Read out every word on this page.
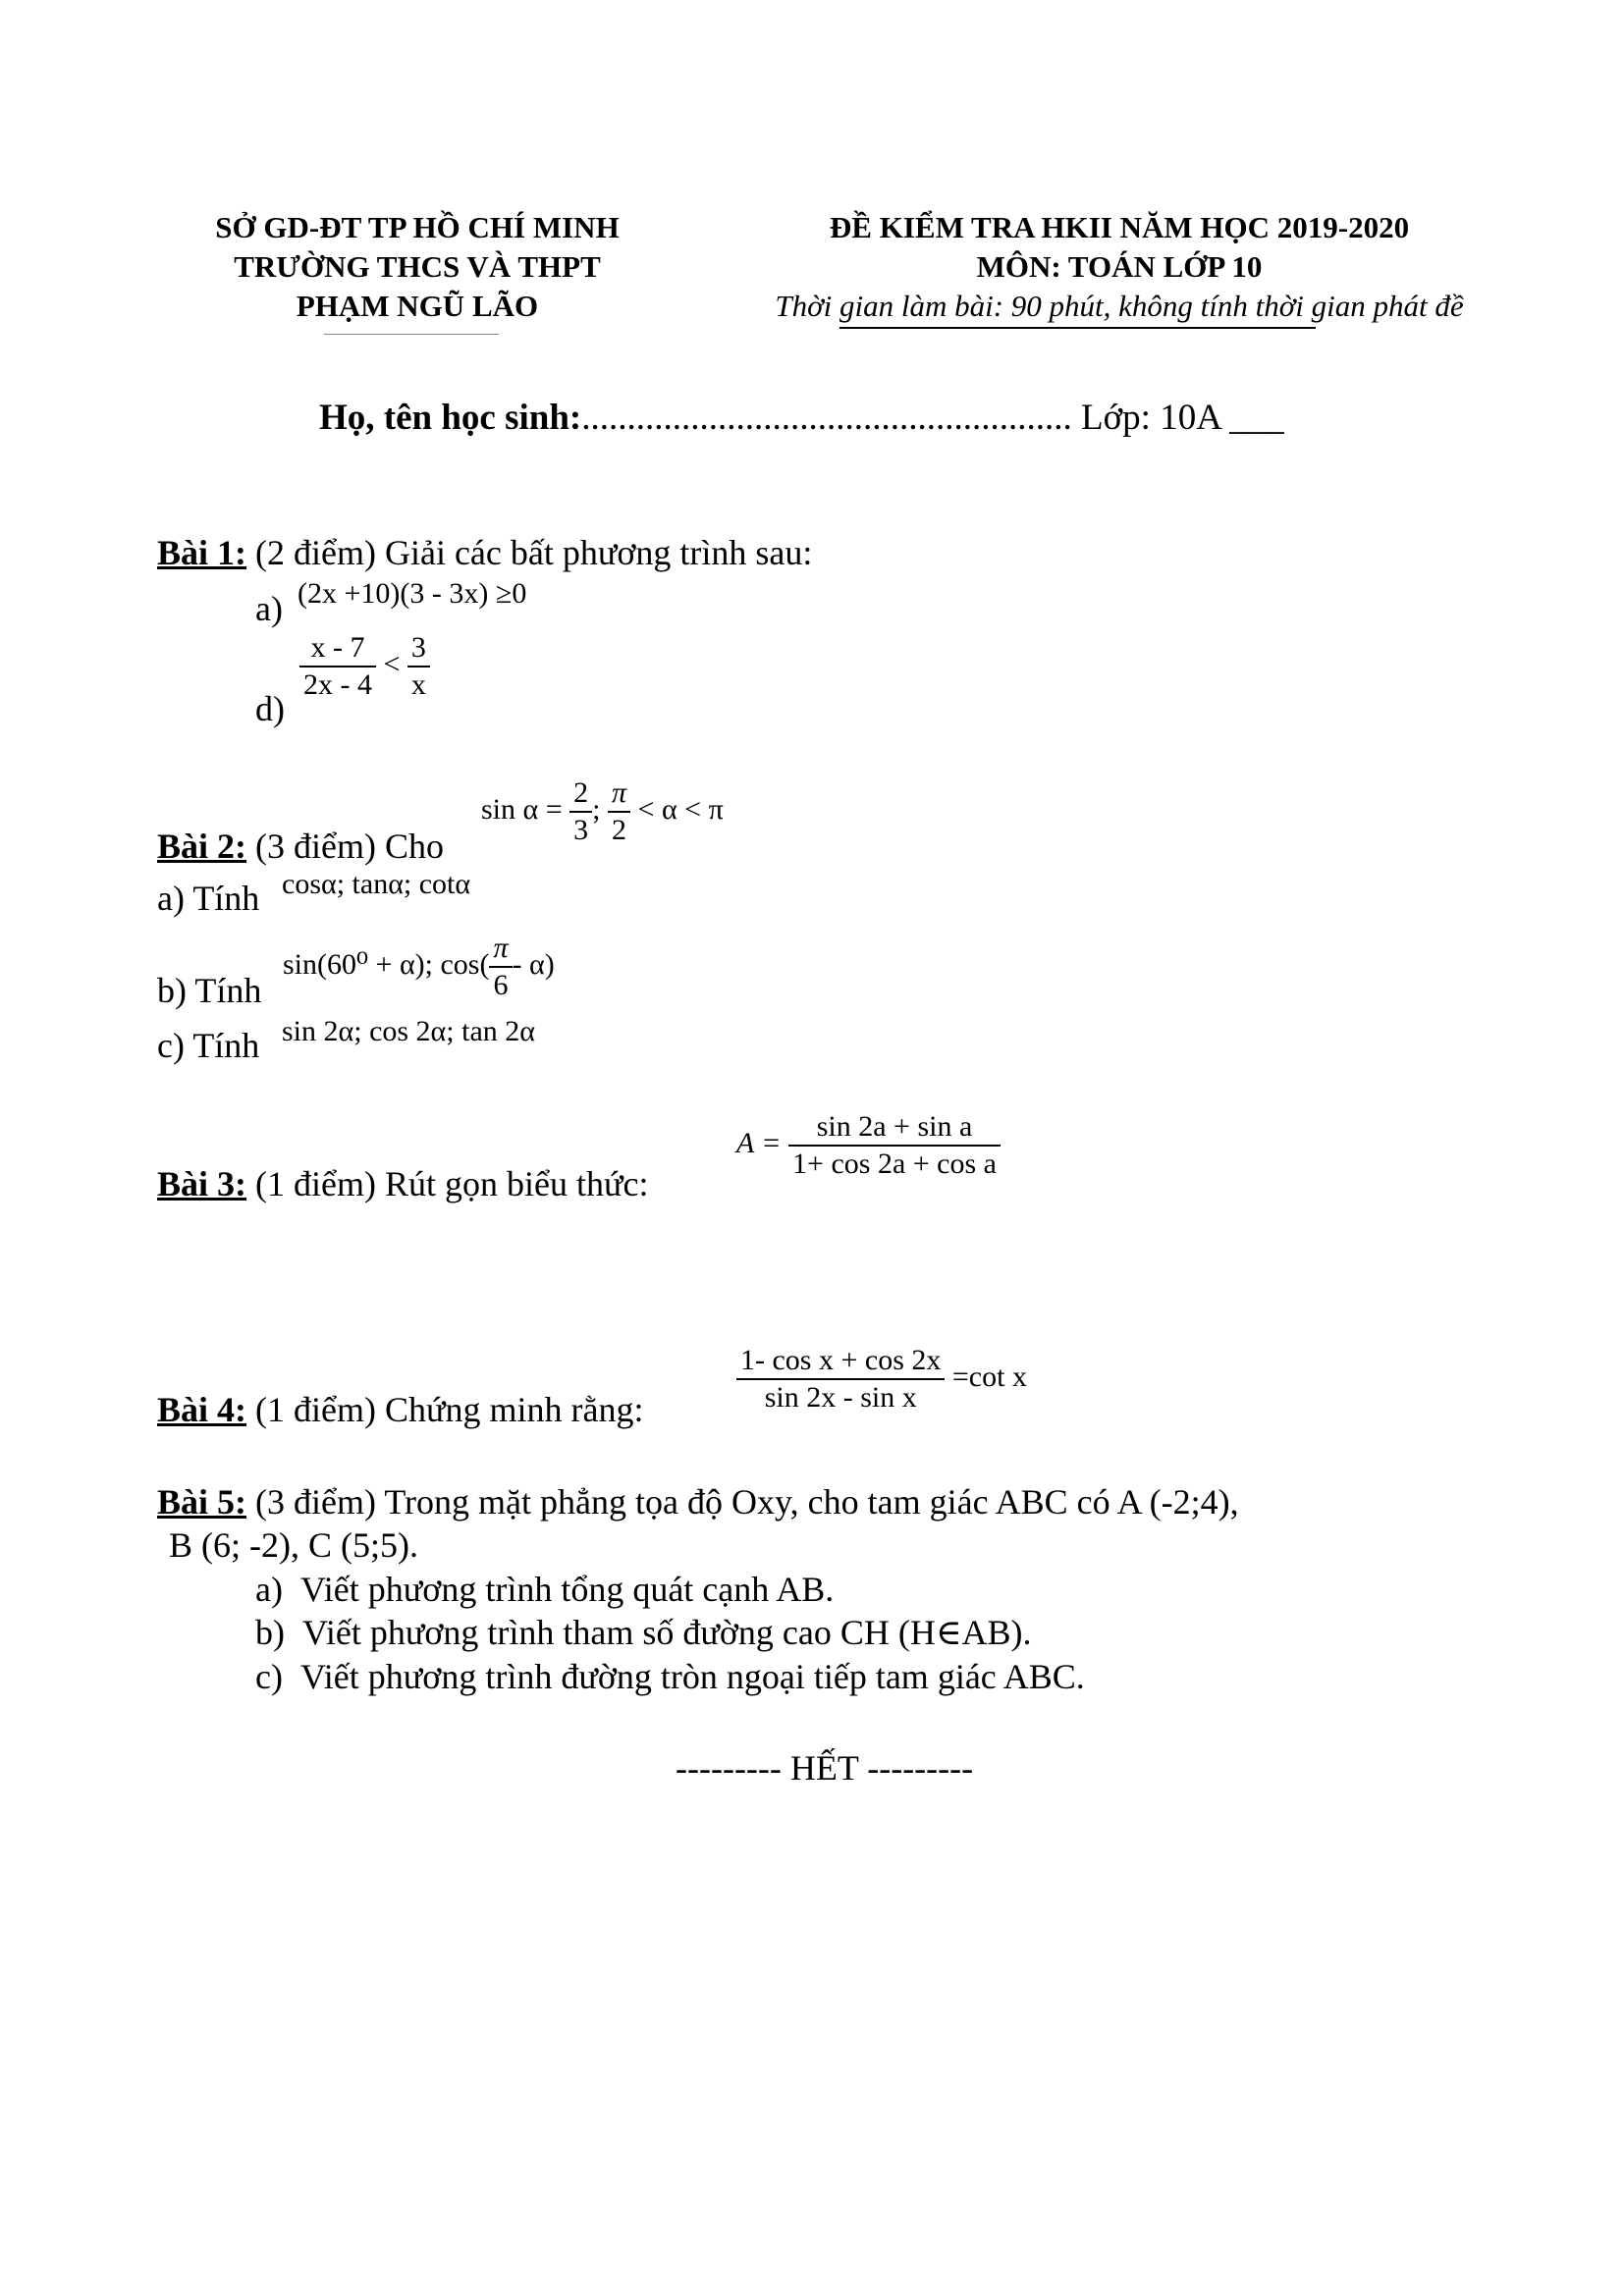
SỞ GD-ĐT TP HỒ CHÍ MINH
TRƯỜNG THCS VÀ THPT
PHẠM NGŨ LÃO
ĐỀ KIỂM TRA HKII NĂM HỌC 2019-2020
MÔN: TOÁN LỚP 10
Thời gian làm bài: 90 phút, không tính thời gian phát đề
Họ, tên học sinh:...................................................... Lớp: 10A ___
Bài 1: (2 điểm) Giải các bất phương trình sau:
a) (2x +10)(3 - 3x) ≥0
d)
$\frac{x - 7}{2x - 4} < \frac{3}{x}$
Bài 2: (3 điểm) Cho
$\sin \alpha = \frac{2}{3}$ ; $\frac{\pi}{2} < \alpha < \pi$
a) Tính cosα; tanα; cotα
b) Tính
sin(60⁰ + α); $\cos( \frac{\pi}{6} - \alpha)$
c) Tính sin 2α; cos 2α; tan 2α
Bài 3: (1 điểm) Rút gọn biểu thức:
$A = \frac{\text{sin 2a + sin a}}{\text{1+ cos 2a + cos a}}$
Bài 4: (1 điểm) Chứng minh rằng:	$\frac{\text{1- cos x + cos 2x}}{\text{sin 2x - sin x}} =\cot$ x
Bài 5: (3 điểm) Trong mặt phẳng tọa độ Oxy, cho tam giác ABC có A (-2;4),
B (6; -2), C (5;5).
a) Viết phương trình tổng quát cạnh AB.
b) Viết phương trình tham số đường cao CH (H∈AB).
c) Viết phương trình đường tròn ngoại tiếp tam giác ABC.
--------- HẾT ---------
